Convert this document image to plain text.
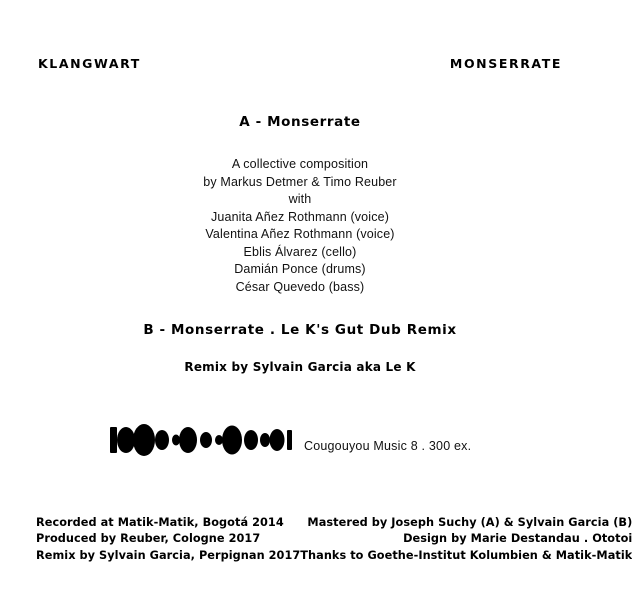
KLANGWART	MONSERRATE
A - Monserrate
A collective composition
by Markus Detmer & Timo Reuber
with
Juanita Añez Rothmann (voice)
Valentina Añez Rothmann (voice)
Eblis Álvarez (cello)
Damián Ponce (drums)
César Quevedo (bass)
B - Monserrate . Le K's Gut Dub Remix
Remix by Sylvain Garcia aka Le K
Cougouyou Music 8 . 300 ex.
Recorded at Matik-Matik, Bogotá 2014
Produced by Reuber, Cologne 2017
Remix by Sylvain Garcia, Perpignan 2017
Mastered by Joseph Suchy (A) & Sylvain Garcia (B)
Design by Marie Destandau . Ototoi
Thanks to Goethe-Institut Kolumbien & Matik-Matik
